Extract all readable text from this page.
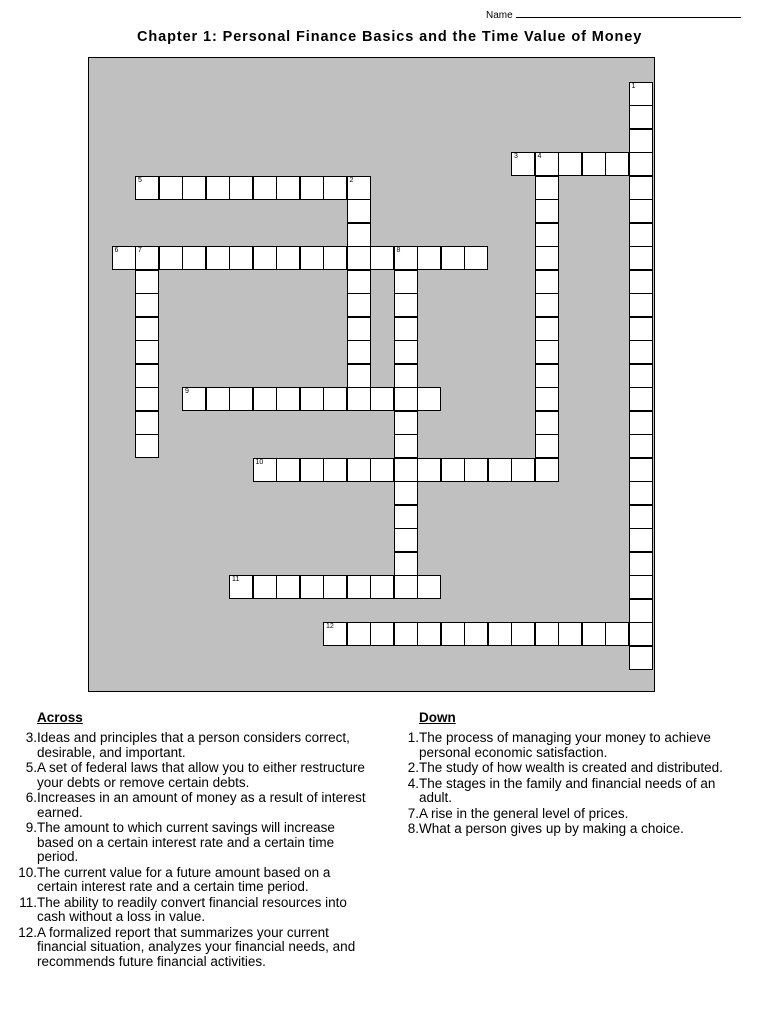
Name
Chapter 1: Personal Finance Basics and the Time Value of Money
1
2
3	4
5
6	7	8
9
10
11
12
Across
3. Ideas and principles that a person considers correct, desirable, and important.
5. A set of federal laws that allow you to either restructure your debts or remove certain debts.
6. Increases in an amount of money as a result of interest earned.
9. The amount to which current savings will increase based on a certain interest rate and a certain time period.
10. The current value for a future amount based on a certain interest rate and a certain time period.
11. The ability to readily convert financial resources into cash without a loss in value.
12. A formalized report that summarizes your current financial situation, analyzes your financial needs, and recommends future financial activities.
Down
1. The process of managing your money to achieve personal economic satisfaction.
2. The study of how wealth is created and distributed.
4. The stages in the family and financial needs of an adult.
7. A rise in the general level of prices.
8. What a person gives up by making a choice.
